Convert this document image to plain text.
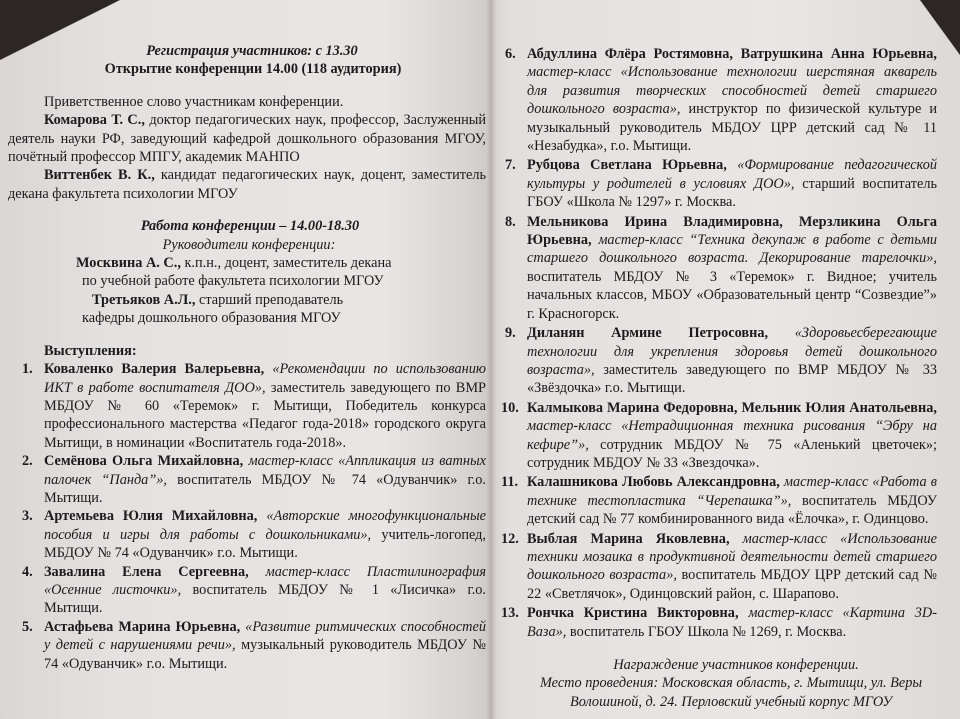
Регистрация участников: с 13.30

Открытие конференции 14.00 (118 аудитория)

Приветственное слово участникам конференции.

Комарова Т. С., доктор педагогических наук, профессор, Заслуженный деятель науки РФ, заведующий кафедрой дошкольного образования МГОУ, почётный профессор МПГУ, академик МАНПО

Виттенбек В. К., кандидат педагогических наук, доцент, заместитель декана факультета психологии МГОУ

Работа конференции – 14.00-18.30

Руководители конференции:

Москвина А. С., к.п.н., доцент, заместитель декана

по учебной работе факультета психологии МГОУ

Третьяков А.Л., старший преподаватель

кафедры дошкольного образования МГОУ

Выступления:

1. Коваленко Валерия Валерьевна, «Рекомендации по использованию ИКТ в работе воспитателя ДОО», заместитель заведующего по ВМР МБДОУ № 60 «Теремок» г. Мытищи, Победитель конкурса профессионального мастерства «Педагог года-2018» городского округа Мытищи, в номинации «Воспитатель года-2018».
2. Семёнова Ольга Михайловна, мастер-класс «Аппликация из ватных палочек “Панда”», воспитатель МБДОУ № 74 «Одуванчик» г.о. Мытищи.
3. Артемьева Юлия Михайловна, «Авторские многофункциональные пособия и игры для работы с дошкольниками», учитель-логопед, МБДОУ № 74 «Одуванчик» г.о. Мытищи.
4. Завалина Елена Сергеевна, мастер-класс Пластилинография «Осенние листочки», воспитатель МБДОУ № 1 «Лисичка» г.о. Мытищи.
5. Астафьева Марина Юрьевна, «Развитие ритмических способностей у детей с нарушениями речи», музыкальный руководитель МБДОУ № 74 «Одуванчик» г.о. Мытищи.
6. Абдуллина Флёра Ростямовна, Ватрушкина Анна Юрьевна, мастер-класс «Использование технологии шерстяная акварель для развития творческих способностей детей старшего дошкольного возраста», инструктор по физической культуре и музыкальный руководитель МБДОУ ЦРР детский сад № 11 «Незабудка», г.о. Мытищи.
7. Рубцова Светлана Юрьевна, «Формирование педагогической культуры у родителей в условиях ДОО», старший воспитатель ГБОУ «Школа № 1297» г. Москва.
8. Мельникова Ирина Владимировна, Мерзликина Ольга Юрьевна, мастер-класс “Техника декупаж в работе с детьми старшего дошкольного возраста. Декорирование тарелочки», воспитатель МБДОУ № 3 «Теремок» г. Видное; учитель начальных классов, МБОУ «Образовательный центр “Созвездие”» г. Красногорск.
9. Диланян Армине Петросовна, «Здоровьесберегающие технологии для укрепления здоровья детей дошкольного возраста», заместитель заведующего по ВМР МБДОУ № 33 «Звёздочка» г.о. Мытищи.
10. Калмыкова Марина Федоровна, Мельник Юлия Анатольевна, мастер-класс «Нетрадиционная техника рисования “Эбру на кефире”», сотрудник МБДОУ № 75 «Аленький цветочек»; сотрудник МБДОУ № 33 «Звездочка».
11. Калашникова Любовь Александровна, мастер-класс «Работа в технике тестопластика “Черепашка”», воспитатель МБДОУ детский сад № 77 комбинированного вида «Ёлочка», г. Одинцово.
12. Выблая Марина Яковлевна, мастер-класс «Использование техники мозаика в продуктивной деятельности детей старшего дошкольного возраста», воспитатель МБДОУ ЦРР детский сад № 22 «Светлячок», Одинцовский район, с. Шарапово.
13. Рончка Кристина Викторовна, мастер-класс «Картина 3D-Ваза», воспитатель ГБОУ Школа № 1269, г. Москва.

Награждение участников конференции.

Место проведения: Московская область, г. Мытищи, ул. Веры Волошиной, д. 24. Перловский учебный корпус МГОУ
